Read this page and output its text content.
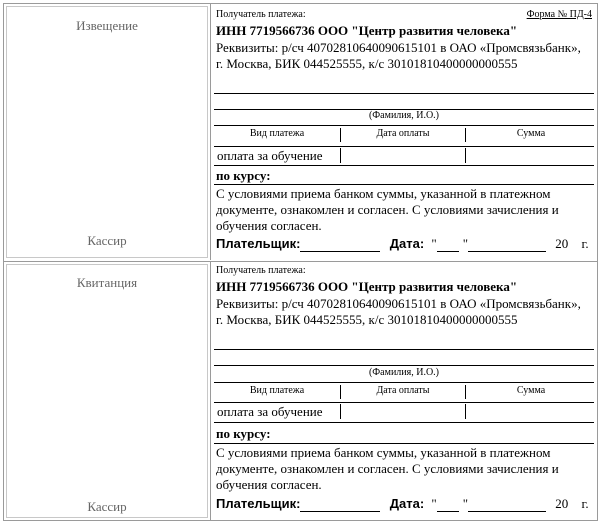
Извещение
Кассир
Получатель платежа:	Форма № ПД-4
ИНН 7719566736 ООО "Центр развития человека"
Реквизиты: р/сч 40702810640090615101 в ОАО «Промсвязьбанк», г. Москва, БИК 044525555, к/с 30101810400000000555
(Фамилия, И.О.)
Вид платежа	Дата оплаты	Сумма
оплата за обучение
по курсу:
С условиями приема банком суммы, указанной в платежном документе, ознакомлен и согласен. С условиями зачисления и обучения согласен.
Плательщик:	Дата: " "	20 г.
Квитанция
Кассир
Получатель платежа:
ИНН 7719566736 ООО "Центр развития человека"
Реквизиты: р/сч 40702810640090615101 в ОАО «Промсвязьбанк», г. Москва, БИК 044525555, к/с 30101810400000000555
(Фамилия, И.О.)
Вид платежа	Дата оплаты	Сумма
оплата за обучение
по курсу:
С условиями приема банком суммы, указанной в платежном документе, ознакомлен и согласен. С условиями зачисления и обучения согласен.
Плательщик:	Дата: " "	20 г.
